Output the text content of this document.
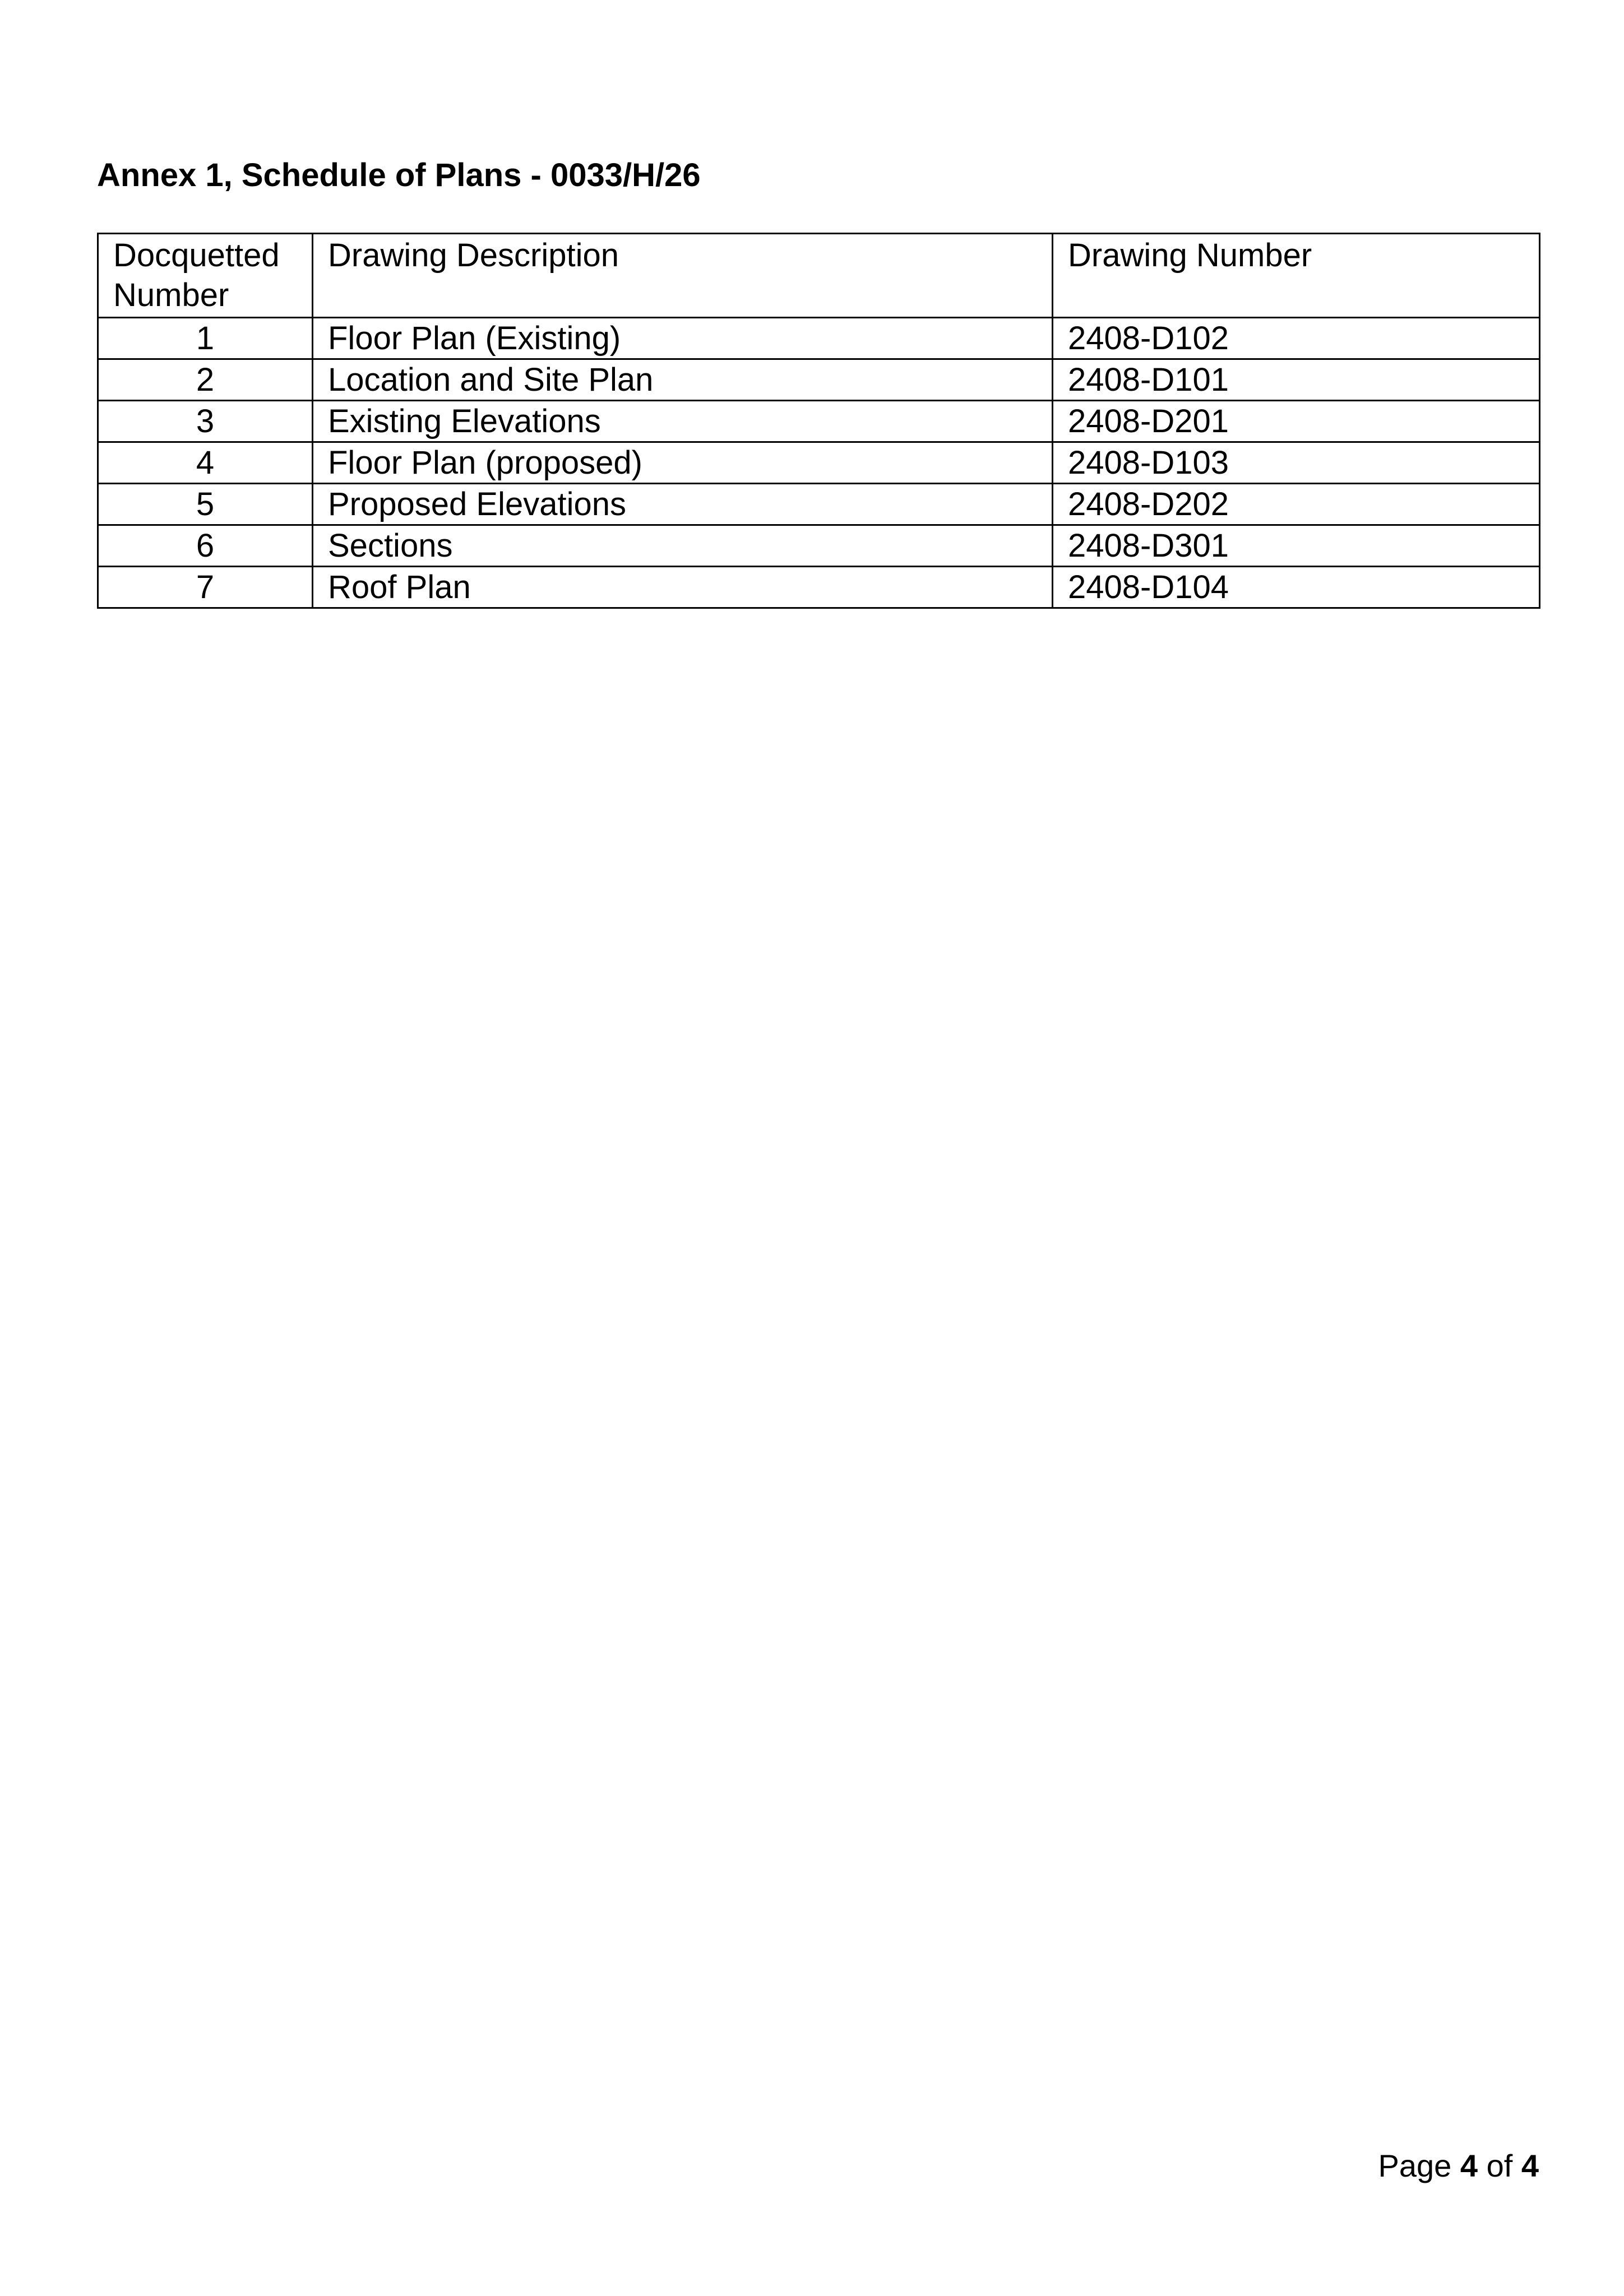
Annex 1, Schedule of Plans - 0033/H/26
Docquetted Number	Drawing Description	Drawing Number
1	Floor Plan (Existing)	2408-D102
2	Location and Site Plan	2408-D101
3	Existing Elevations	2408-D201
4	Floor Plan (proposed)	2408-D103
5	Proposed Elevations	2408-D202
6	Sections	2408-D301
7	Roof Plan	2408-D104
Page 4 of 4
